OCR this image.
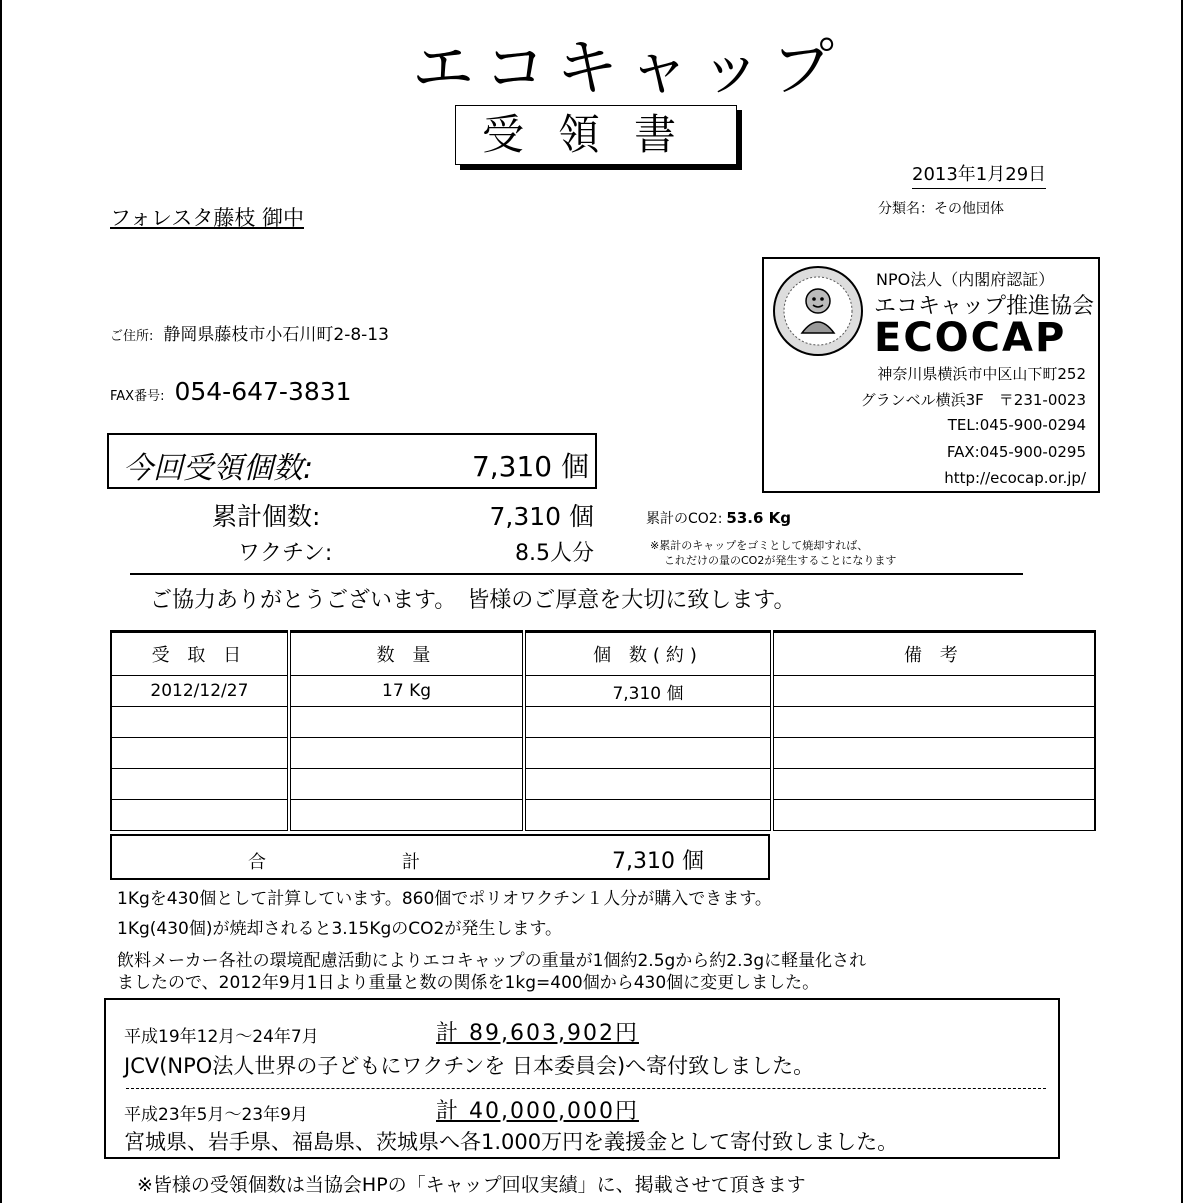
エコキャップ
受領書
2013年1月29日
フォレスタ藤枝 御中	分類名：その他団体
NPO法人（内閣府認証）
エコキャップ推進協会
ECOCAP
神奈川県横浜市中区山下町252
グランベル横浜3F　〒231-0023
TEL:045-900-0294
FAX:045-900-0295
http://ecocap.or.jp/
ご住所: 静岡県藤枝市小石川町2-8-13
FAX番号: 054-647-3831
今回受領個数:	7,310 個
累計個数:	7,310 個
ワクチン:	8.5人分
累計のCO2: 53.6 Kg
※累計のキャップをゴミとして焼却すれば、
これだけの量のCO2が発生することになります
ご協力ありがとうございます。　皆様のご厚意を大切に致します。
受 取 日	数 量	個 数(約)	備 考
2012/12/27	17 Kg	7,310 個	

合	計	7,310 個
1Kgを430個として計算しています。860個でポリオワクチン１人分が購入できます。
1Kg(430個)が焼却されると3.15KgのCO2が発生します。
飲料メーカー各社の環境配慮活動によりエコキャップの重量が1個約2.5gから約2.3gに軽量化され
ましたので、2012年9月1日より重量と数の関係を1kg=400個から430個に変更しました。
平成19年12月～24年7月	計 89,603,902円
JCV(NPO法人世界の子どもにワクチンを 日本委員会)へ寄付致しました。
平成23年5月～23年9月	計 40,000,000円
宮城県、岩手県、福島県、茨城県へ各1.000万円を義援金として寄付致しました。
※皆様の受領個数は当協会HPの「キャップ回収実績」に、掲載させて頂きます
